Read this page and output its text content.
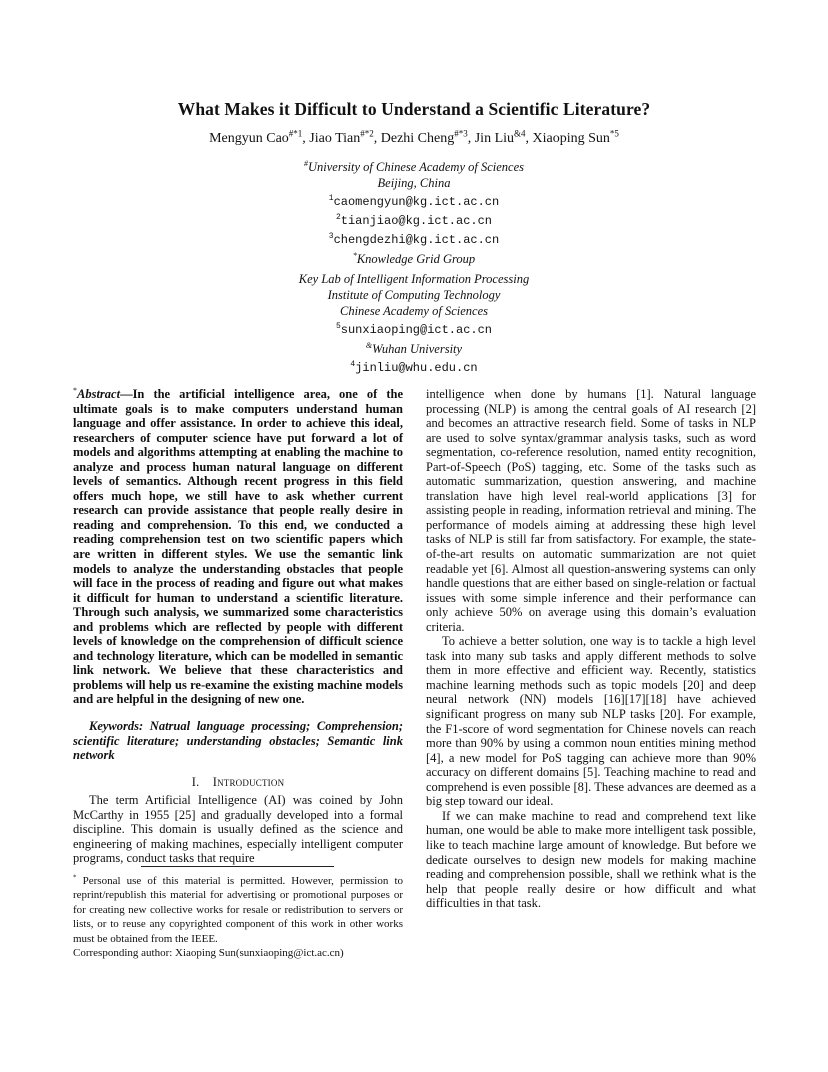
What Makes it Difficult to Understand a Scientific Literature?
Mengyun Cao$^{\#*1}$, Jiao Tian$^{\#*2}$, Dezhi Cheng$^{\#*3}$, Jin Liu$^{\&4}$, Xiaoping Sun$^{*5}$
#University of Chinese Academy of Sciences
Beijing, China
$^1$caomengyun@kg.ict.ac.cn
$^2$tianjiao@kg.ict.ac.cn
$^3$chengdezhi@kg.ict.ac.cn
*Knowledge Grid Group
Key Lab of Intelligent Information Processing
Institute of Computing Technology
Chinese Academy of Sciences
$^5$sunxiaoping@ict.ac.cn
&Wuhan University
$^4$jinliu@whu.edu.cn

*Abstract—In the artificial intelligence area, one of the ultimate goals is to make computers understand human language and offer assistance. In order to achieve this ideal, researchers of computer science have put forward a lot of models and algorithms attempting at enabling the machine to analyze and process human natural language on different levels of semantics. Although recent progress in this field offers much hope, we still have to ask whether current research can provide assistance that people really desire in reading and comprehension. To this end, we conducted a reading comprehension test on two scientific papers which are written in different styles. We use the semantic link models to analyze the understanding obstacles that people will face in the process of reading and figure out what makes it difficult for human to understand a scientific literature. Through such analysis, we summarized some characteristics and problems which are reflected by people with different levels of knowledge on the comprehension of difficult science and technology literature, which can be modelled in semantic link network. We believe that these characteristics and problems will help us re-examine the existing machine models and are helpful in the designing of new one.

Keywords: Natrual language processing; Comprehension; scientific literature; understanding obstacles; Semantic link network

I. Introduction

The term Artificial Intelligence (AI) was coined by John McCarthy in 1955 [25] and gradually developed into a formal discipline. This domain is usually defined as the science and engineering of making machines, especially intelligent computer programs, conduct tasks that require

* Personal use of this material is permitted. However, permission to reprint/republish this material for advertising or promotional purposes or for creating new collective works for resale or redistribution to servers or lists, or to reuse any copyrighted component of this work in other works must be obtained from the IEEE.
Corresponding author: Xiaoping Sun(sunxiaoping@ict.ac.cn)

intelligence when done by humans [1]. Natural language processing (NLP) is among the central goals of AI research [2] and becomes an attractive research field. Some of tasks in NLP are used to solve syntax/grammar analysis tasks, such as word segmentation, co-reference resolution, named entity recognition, Part-of-Speech (PoS) tagging, etc. Some of the tasks such as automatic summarization, question answering, and machine translation have high level real-world applications [3] for assisting people in reading, information retrieval and mining. The performance of models aiming at addressing these high level tasks of NLP is still far from satisfactory. For example, the state-of-the-art results on automatic summarization are not quiet readable yet [6]. Almost all question-answering systems can only handle questions that are either based on single-relation or factual issues with some simple inference and their performance can only achieve 50% on average using this domain’s evaluation criteria.

To achieve a better solution, one way is to tackle a high level task into many sub tasks and apply different methods to solve them in more effective and efficient way. Recently, statistics machine learning methods such as topic models [20] and deep neural network (NN) models [16][17][18] have achieved significant progress on many sub NLP tasks [20]. For example, the F1-score of word segmentation for Chinese novels can reach more than 90% by using a common noun entities mining method [4], a new model for PoS tagging can achieve more than 90% accuracy on different domains [5]. Teaching machine to read and comprehend is even possible [8]. These advances are deemed as a big step toward our ideal.

If we can make machine to read and comprehend text like human, one would be able to make more intelligent task possible, like to teach machine large amount of knowledge. But before we dedicate ourselves to design new models for making machine reading and comprehension possible, shall we rethink what is the help that people really desire or how difficult and what difficulties in that task.
